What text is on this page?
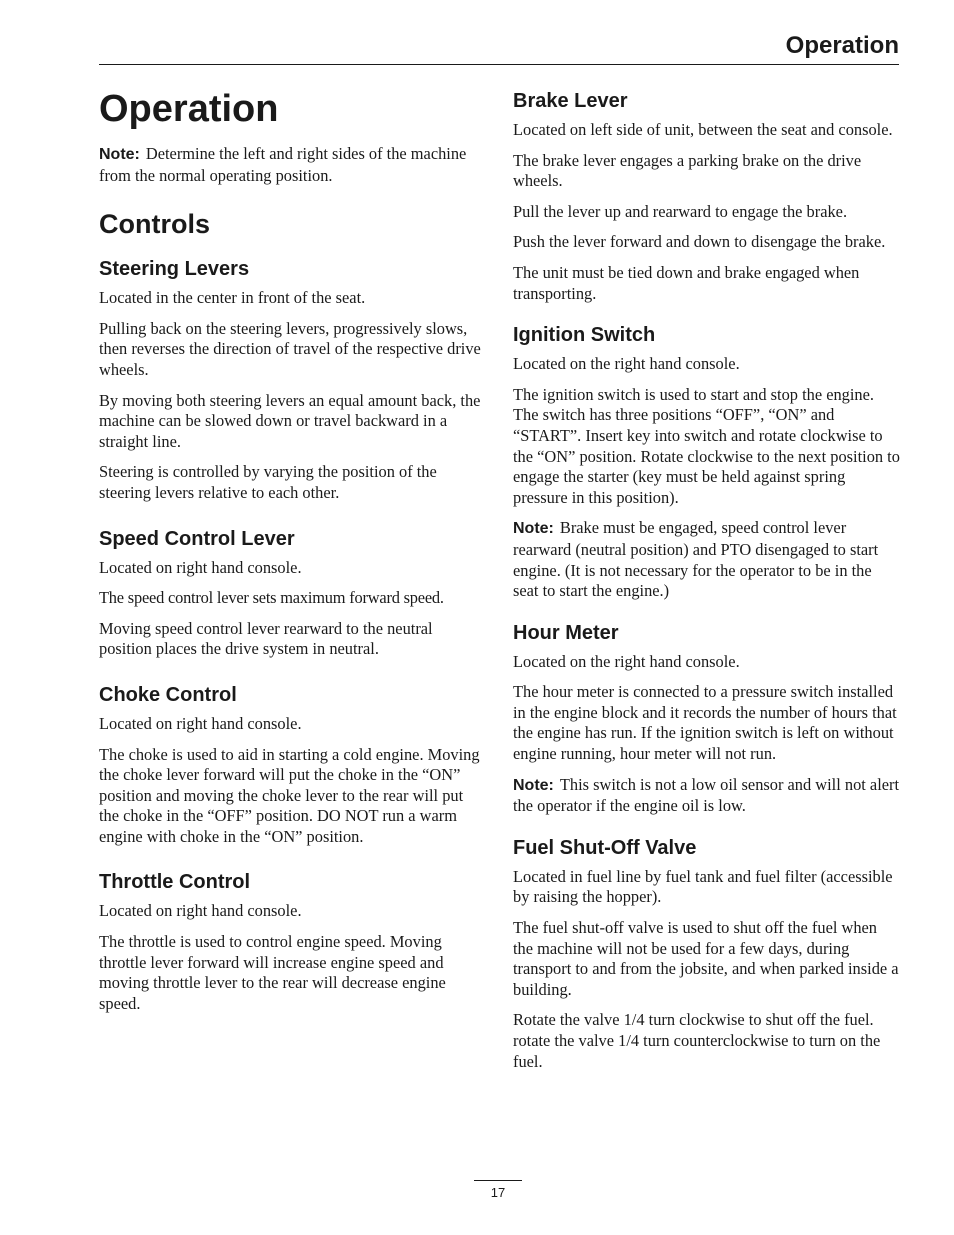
Operation
Operation

Note: Determine the left and right sides of the machine from the normal operating position.

Controls
Steering Levers

Located in the center in front of the seat.

Pulling back on the steering levers, progressively slows, then reverses the direction of travel of the respective drive wheels.

By moving both steering levers an equal amount back, the machine can be slowed down or travel backward in a straight line.

Steering is controlled by varying the position of the steering levers relative to each other.

Speed Control Lever

Located on right hand console.

The speed control lever sets maximum forward speed.

Moving speed control lever rearward to the neutral position places the drive system in neutral.

Choke Control

Located on right hand console.

The choke is used to aid in starting a cold engine. Moving the choke lever forward will put the choke in the “ON” position and moving the choke lever to the rear will put the choke in the “OFF” position. DO NOT run a warm engine with choke in the “ON” position.

Throttle Control

Located on right hand console.

The throttle is used to control engine speed. Moving throttle lever forward will increase engine speed and moving throttle lever to the rear will decrease engine speed.

Brake Lever

Located on left side of unit, between the seat and console.

The brake lever engages a parking brake on the drive wheels.

Pull the lever up and rearward to engage the brake.

Push the lever forward and down to disengage the brake.

The unit must be tied down and brake engaged when transporting.

Ignition Switch

Located on the right hand console.

The ignition switch is used to start and stop the engine. The switch has three positions “OFF”, “ON” and “START”. Insert key into switch and rotate clockwise to the “ON” position. Rotate clockwise to the next position to engage the starter (key must be held against spring pressure in this position).

Note: Brake must be engaged, speed control lever rearward (neutral position) and PTO disengaged to start engine. (It is not necessary for the operator to be in the seat to start the engine.)

Hour Meter

Located on the right hand console.

The hour meter is connected to a pressure switch installed in the engine block and it records the number of hours that the engine has run. If the ignition switch is left on without engine running, hour meter will not run.

Note: This switch is not a low oil sensor and will not alert the operator if the engine oil is low.

Fuel Shut-Off Valve

Located in fuel line by fuel tank and fuel filter (accessible by raising the hopper).

The fuel shut-off valve is used to shut off the fuel when the machine will not be used for a few days, during transport to and from the jobsite, and when parked inside a building.

Rotate the valve 1/4 turn clockwise to shut off the fuel. rotate the valve 1/4 turn counterclockwise to turn on the fuel.

17
